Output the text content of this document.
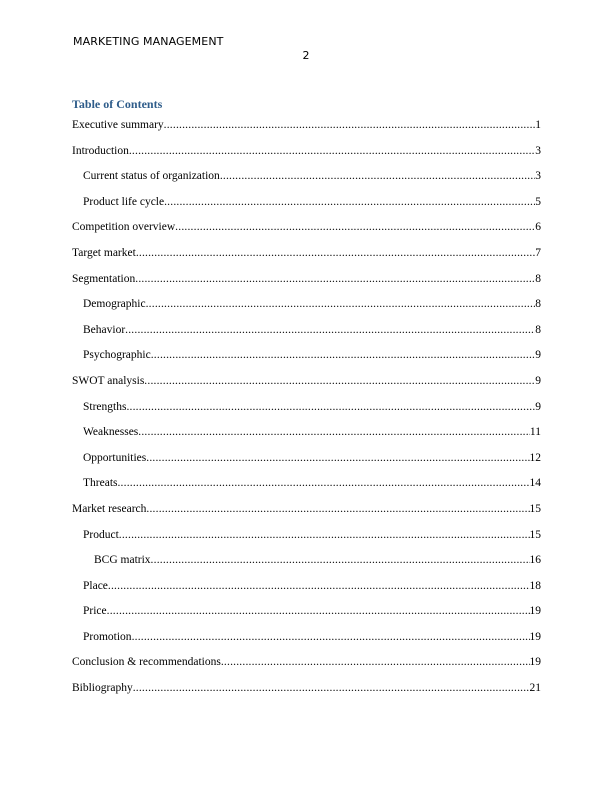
MARKETING MANAGEMENT
2
Table of Contents
Executive summary .....	1
Introduction .....	3
Current status of organization .....	3
Product life cycle .....	5
Competition overview .....	6
Target market .....	7
Segmentation .....	8
Demographic .....	8
Behavior .....	8
Psychographic .....	9
SWOT analysis .....	9
Strengths .....	9
Weaknesses .....	11
Opportunities .....	12
Threats .....	14
Market research .....	15
Product .....	15
BCG matrix .....	16
Place .....	18
Price .....	19
Promotion .....	19
Conclusion & recommendations .....	19
Bibliography .....	21
